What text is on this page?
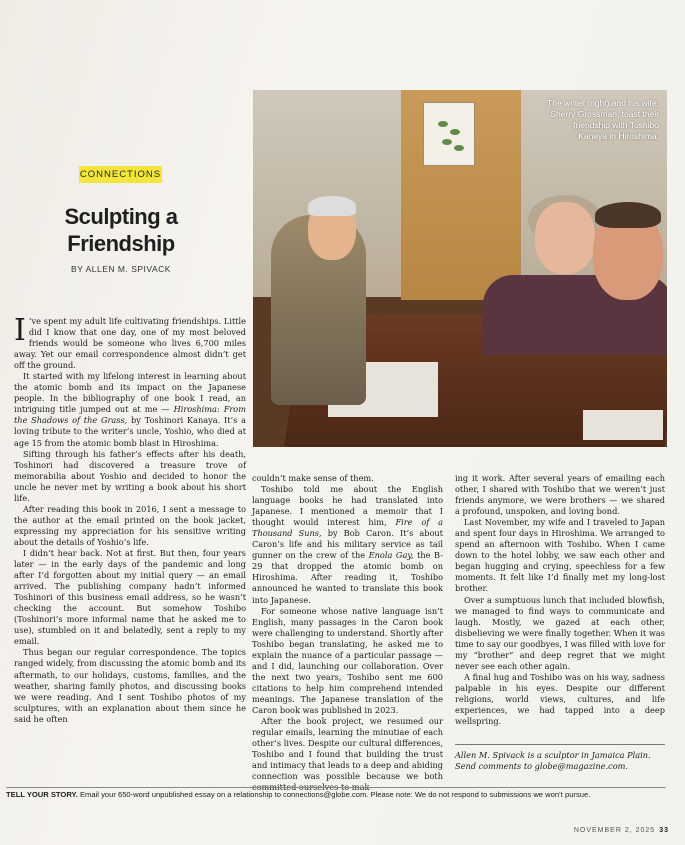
The writer (right) and his wife, Sherry Grossman, toast their friendship with Toshibo Kanaya in Hiroshima.
CONNECTIONS
Sculpting a
Friendship
BY ALLEN M. SPIVACK

I ’ve spent my adult life cultivating friendships. Little did I know that one day, one of my most beloved friends would be someone who lives 6,700 miles away. Yet our email correspondence almost didn’t get off the ground.

It started with my lifelong interest in learning about the atomic bomb and its impact on the Japanese people. In the bibliography of one book I read, an intriguing title jumped out at me — Hiroshima: From the Shadows of the Grass, by Toshinori Kanaya. It’s a loving tribute to the writer’s uncle, Yoshio, who died at age 15 from the atomic bomb blast in Hiroshima.

Sifting through his father’s effects after his death, Toshinori had discovered a treasure trove of memorabilia about Yoshio and decided to honor the uncle he never met by writing a book about his short life.

After reading this book in 2016, I sent a message to the author at the email printed on the book jacket, expressing my appreciation for his sensitive writing about the details of Yoshio’s life.

I didn’t hear back. Not at first. But then, four years later — in the early days of the pandemic and long after I’d forgotten about my initial query — an email arrived. The publishing company hadn’t informed Toshinori of this business email address, so he wasn’t checking the account. But somehow Toshibo (Toshinori’s more informal name that he asked me to use), stumbled on it and belatedly, sent a reply to my email.

Thus began our regular correspondence. The topics ranged widely, from discussing the atomic bomb and its aftermath, to our holidays, customs, families, and the weather, sharing family photos, and discussing books we were reading. And I sent Toshibo photos of my sculptures, with an explanation about them since he said he often

couldn’t make sense of them.

Toshibo told me about the English language books he had translated into Japanese. I mentioned a memoir that I thought would interest him, Fire of a Thousand Suns, by Bob Caron. It’s about Caron’s life and his military service as tail gunner on the crew of the Enola Gay, the B-29 that dropped the atomic bomb on Hiroshima. After reading it, Toshibo announced he wanted to translate this book into Japanese.

For someone whose native language isn’t English, many passages in the Caron book were challenging to understand. Shortly after Toshibo began translating, he asked me to explain the nuance of a particular passage — and I did, launching our collaboration. Over the next two years, Toshibo sent me 600 citations to help him comprehend intended meanings. The Japanese translation of the Caron book was published in 2023.

After the book project, we resumed our regular emails, learning the minutiae of each other’s lives. Despite our cultural differences, Toshibo and I found that building the trust and intimacy that leads to a deep and abiding connection was possible because we both

ing it work. After several years of emailing each other, I shared with Toshibo that we weren’t just friends anymore, we were brothers — we shared a profound, unspoken, and loving bond.

Last November, my wife and I traveled to Japan and spent four days in Hiroshima. We arranged to spend an afternoon with Toshibo. When I came down to the hotel lobby, we saw each other and began hugging and crying, speechless for a few moments. It felt like I’d finally met my long-lost brother.

Over a sumptuous lunch that included blowfish, we managed to find ways to communicate and laugh. Mostly, we gazed at each other, disbelieving we were finally together. When it was time to say our goodbyes, I was filled with love for my “brother” and deep regret that we might never see each other again.

A final hug and Toshibo was on his way, sadness palpable in his eyes. Despite our different religions, world views, cultures, and life experiences, we had tapped into a deep wellspring.

Allen M. Spivack is a sculptor in Jamaica Plain.

Send comments to globe@magazine.com.

TELL YOUR STORY. Email your 650-word unpublished essay on a relationship to connections@globe.com. Please note: We do not respond to submissions we won’t pursue.
NOVEMBER 2, 2025 33
